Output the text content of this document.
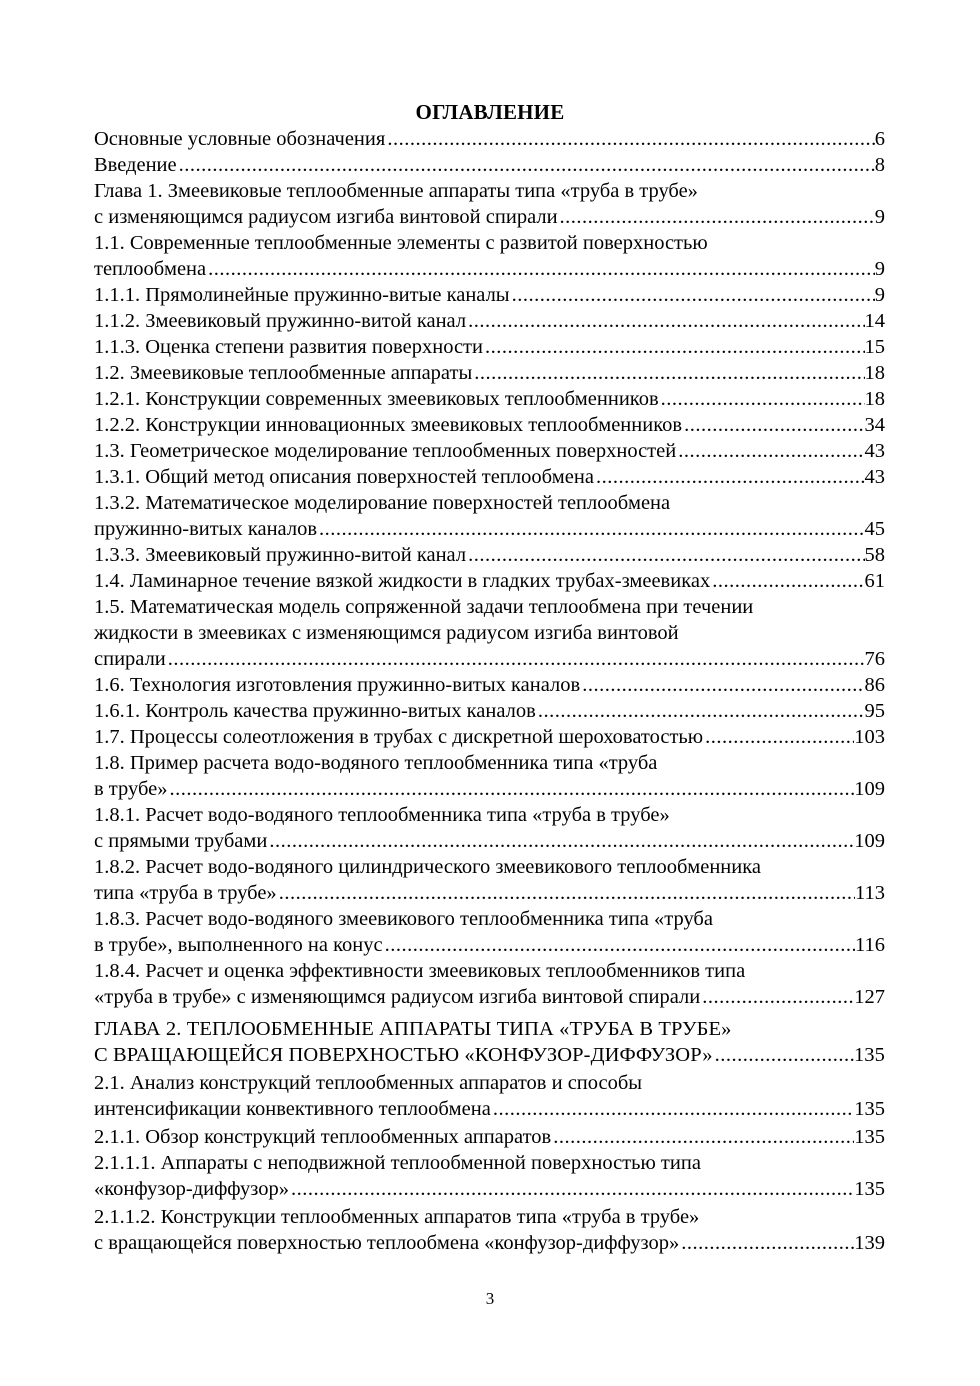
ОГЛАВЛЕНИЕ
Основные условные обозначения .....	6
Введение .....	8
Глава 1. Змеевиковые теплообменные аппараты типа «труба в трубе»
с изменяющимся радиусом изгиба винтовой спирали .....	9
1.1. Современные теплообменные элементы с развитой поверхностью
теплообмена .....	9
1.1.1. Прямолинейные пружинно-витые каналы .....	9
1.1.2. Змеевиковый пружинно-витой канал .....	14
1.1.3. Оценка степени развития поверхности .....	15
1.2. Змеевиковые теплообменные аппараты .....	18
1.2.1. Конструкции современных змеевиковых теплообменников .....	18
1.2.2. Конструкции инновационных змеевиковых теплообменников .....	34
1.3. Геометрическое моделирование теплообменных поверхностей .....	43
1.3.1. Общий метод описания поверхностей теплообмена .....	43
1.3.2. Математическое моделирование поверхностей теплообмена
пружинно-витых каналов .....	45
1.3.3. Змеевиковый пружинно-витой канал .....	58
1.4. Ламинарное течение вязкой жидкости в гладких трубах-змеевиках .....	61
1.5. Математическая модель сопряженной задачи теплообмена при течении
жидкости в змеевиках с изменяющимся радиусом изгиба винтовой
спирали .....	76
1.6. Технология изготовления пружинно-витых каналов .....	86
1.6.1. Контроль качества пружинно-витых каналов .....	95
1.7. Процессы солеотложения в трубах с дискретной шероховатостью .....	103
1.8. Пример расчета водо-водяного теплообменника типа «труба
в трубе» .....	109
1.8.1. Расчет водо-водяного теплообменника типа «труба в трубе»
с прямыми трубами .....	109
1.8.2. Расчет водо-водяного цилиндрического змеевикового теплообменника
типа «труба в трубе» .....	113
1.8.3. Расчет водо-водяного змеевикового теплообменника типа «труба
в трубе», выполненного на конус .....	116
1.8.4. Расчет и оценка эффективности змеевиковых теплообменников типа
«труба в трубе» с изменяющимся радиусом изгиба винтовой спирали .....	127
ГЛАВА 2. ТЕПЛООБМЕННЫЕ АППАРАТЫ ТИПА «ТРУБА В ТРУБЕ»
С ВРАЩАЮЩЕЙСЯ ПОВЕРХНОСТЬЮ «КОНФУЗОР-ДИФФУЗОР» .....	135
2.1. Анализ конструкций теплообменных аппаратов и способы
интенсификации конвективного теплообмена .....	135
2.1.1. Обзор конструкций теплообменных аппаратов .....	135
2.1.1.1. Аппараты с неподвижной теплообменной поверхностью типа
«конфузор-диффузор» .....	135
2.1.1.2. Конструкции теплообменных аппаратов типа «труба в трубе»
с вращающейся поверхностью теплообмена «конфузор-диффузор» .....	139
3
